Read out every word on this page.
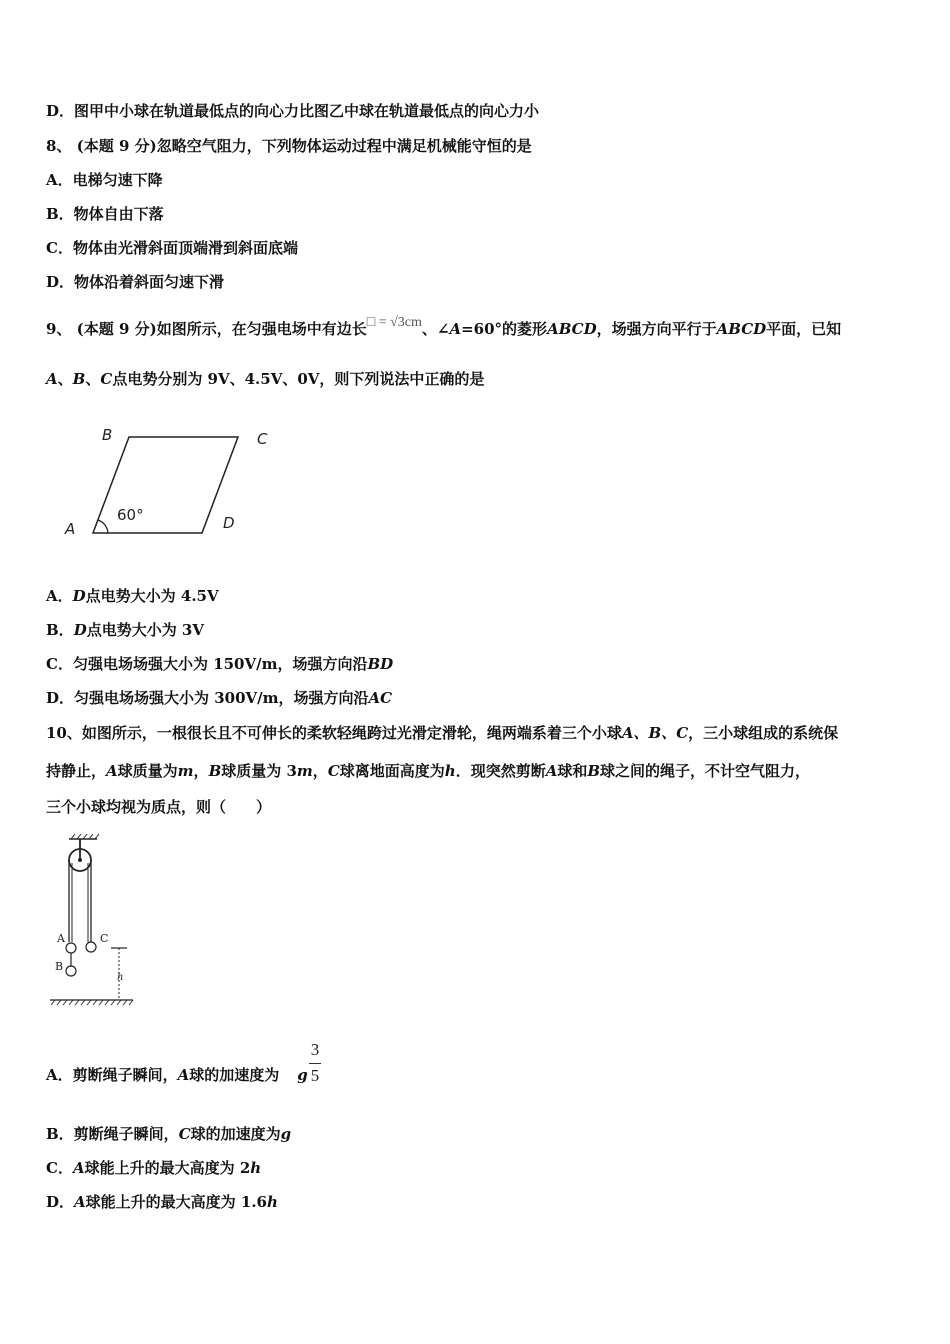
D．图甲中小球在轨道最低点的向心力比图乙中球在轨道最低点的向心力小
8、 (本题 9 分)忽略空气阻力，下列物体运动过程中满足机械能守恒的是
A．电梯匀速下降
B．物体自由下落
C．物体由光滑斜面顶端滑到斜面底端
D．物体沿着斜面匀速下滑
9、 (本题 9 分)如图所示，在匀强电场中有边长□ = √3cm、∠A=60°的菱形ABCD，场强方向平行于ABCD平面，已知
A、B、C点电势分别为 9V、4.5V、0V，则下列说法中正确的是
B	C
A	D
60°
A．D点电势大小为 4.5V
B．D点电势大小为 3V
C．匀强电场场强大小为 150V/m，场强方向沿BD
D．匀强电场场强大小为 300V/m，场强方向沿AC
10、如图所示，一根很长且不可伸长的柔软轻绳跨过光滑定滑轮，绳两端系着三个小球A、B、C，三小球组成的系统保
持静止，A球质量为m，B球质量为 3m，C球离地面高度为h．现突然剪断A球和B球之间的绳子，不计空气阻力，
三个小球均视为质点，则（　　）
h
A
B
C
A．剪断绳子瞬间，A球的加速度为 g
3
5
B．剪断绳子瞬间，C球的加速度为g
C．A球能上升的最大高度为 2h
D．A球能上升的最大高度为 1.6h
